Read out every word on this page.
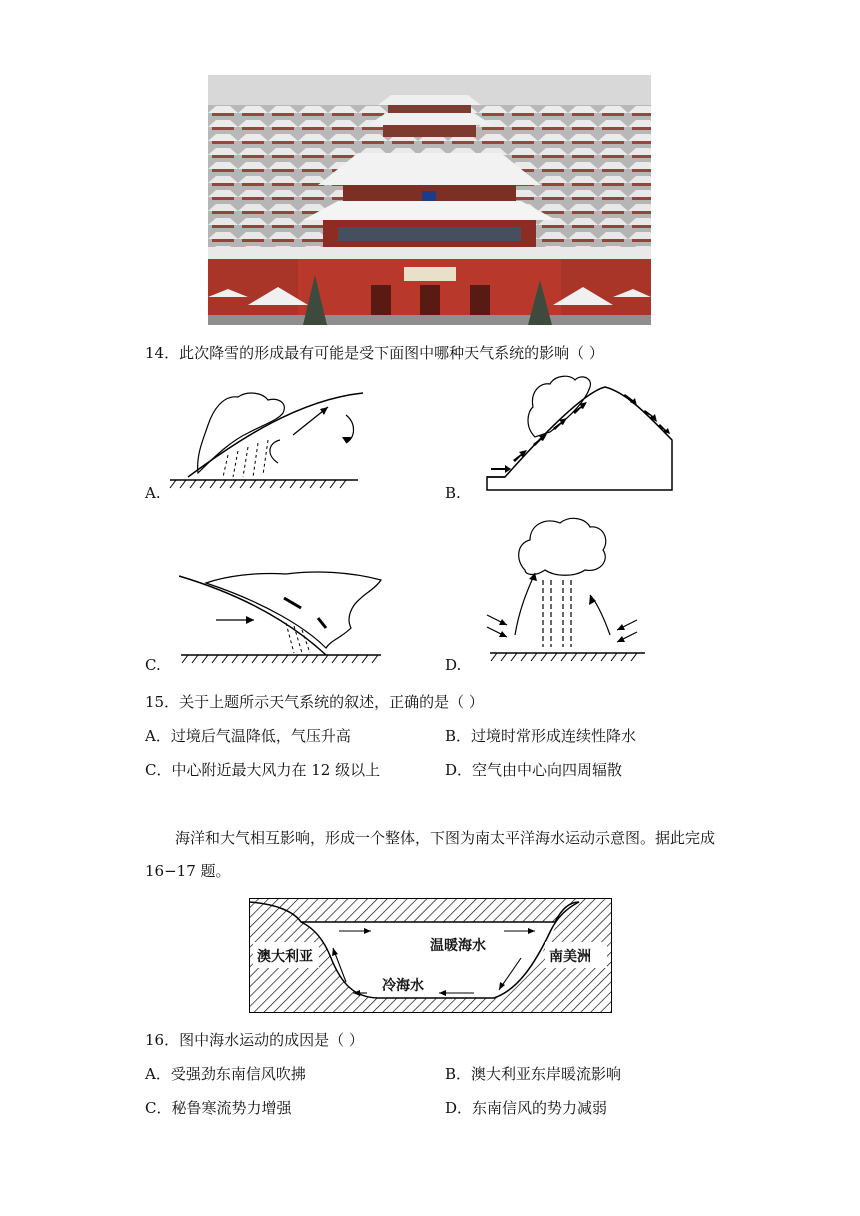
14．此次降雪的形成最有可能是受下面图中哪种天气系统的影响（ ）
A.	B.
C.	D.
15．关于上题所示天气系统的叙述，正确的是（ ）
A．过境后气温降低，气压升高	B．过境时常形成连续性降水
C．中心附近最大风力在 12 级以上	D．空气由中心向四周辐散
海洋和大气相互影响，形成一个整体，下图为南太平洋海水运动示意图。据此完成
16−17 题。
澳大利亚	南美洲
温暖海水
冷海水
16．图中海水运动的成因是（ ）
A．受强劲东南信风吹拂	B．澳大利亚东岸暖流影响
C．秘鲁寒流势力增强	D．东南信风的势力减弱
